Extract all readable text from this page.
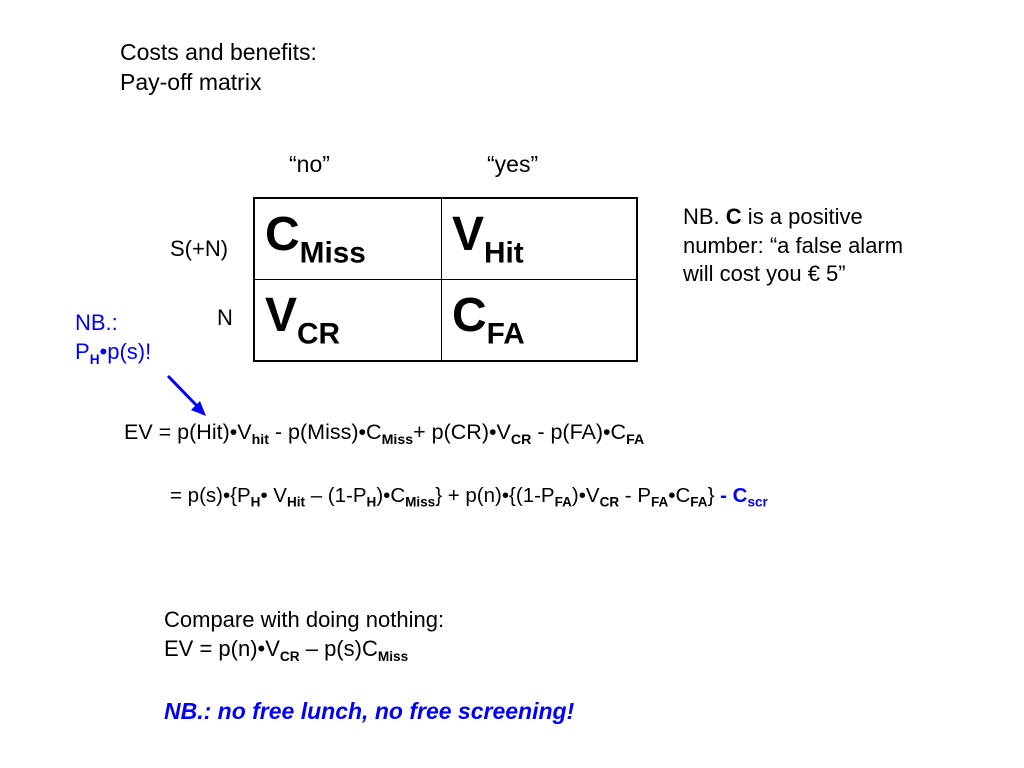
Costs and benefits:
Pay-off matrix
“no”	“yes”
S(+N)
N
$C_{Miss}$	$V_{Hit}$
$V_{CR}$	$C_{FA}$
NB. C is a positive
number: “a false alarm
will cost you € 5”
NB.:
$P_H•p(s)$!
EV = $p(Hit)•V_{hit}$ - $p(Miss)•C_{Miss}+$ $p(CR)•V_{CR}$ - $p(FA)•C_{FA}$
= $p(s)•\{P_H•$ $V_{Hit}$ – $(1-P_H)•C_{Miss}$} + $p(n)•\{(1-P_{FA})•V_{CR}$ - $P_{FA}•C_{FA}\} - C_{scr}$
Compare with doing nothing:
EV = $p(n)•V_{CR} - p(s)C_{Miss}$
NB.: no free lunch, no free screening!
